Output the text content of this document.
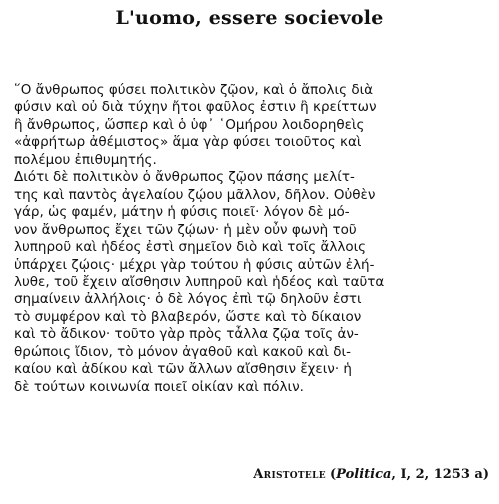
L'uomo, essere socievole
῞Ο ἄνθρωπος φύσει πολιτικὸν ζῷον, καὶ ὁ ἄπολις διὰ
φύσιν καὶ οὐ διὰ τύχην ἤτοι φαῦλος ἐστιν ἢ κρείττων
ἢ ἄνθρωπος, ὥσπερ καὶ ὁ ὑφ᾿ ῾Ομήρου λοιδορηθεὶς
«ἀφρήτωρ ἀθέμιστος» ἅμα γὰρ φύσει τοιοῦτος καὶ
πολέμου ἐπιθυμητής.
Διότι δὲ πολιτικὸν ὁ ἄνθρωπος ζῷον πάσης μελίτ-
της καὶ παντὸς ἀγελαίου ζῴου μᾶλλον, δῆλον. Οὐθὲν
γάρ, ὡς φαμέν, μάτην ἡ φύσις ποιεῖ· λόγον δὲ μό-
νον ἄνθρωπος ἔχει τῶν ζῴων· ἡ μὲν οὖν φωνὴ τοῦ
λυπηροῦ καὶ ἡδέος ἐστὶ σημεῖον διὸ καὶ τοῖς ἄλλοις
ὑπάρχει ζῴοις· μέχρι γὰρ τούτου ἡ φύσις αὐτῶν ἐλή-
λυθε, τοῦ ἔχειν αἴσθησιν λυπηροῦ καὶ ἡδέος καὶ ταῦτα
σημαίνειν ἀλλήλοις· ὁ δὲ λόγος ἐπὶ τῷ δηλοῦν ἐστι
τὸ συμφέρον καὶ τὸ βλαβερόν, ὥστε καὶ τὸ δίκαιον
καὶ τὸ ἄδικον· τοῦτο γὰρ πρὸς τἆλλα ζῷα τοῖς ἀν-
θρώποις ἴδιον, τὸ μόνον ἀγαθοῦ καὶ κακοῦ καὶ δι-
καίου καὶ ἀδίκου καὶ τῶν ἄλλων αἴσθησιν ἔχειν· ἡ
δὲ τούτων κοινωνία ποιεῖ οἰκίαν καὶ πόλιν.
Aristotele (Politica, I, 2, 1253 a)
